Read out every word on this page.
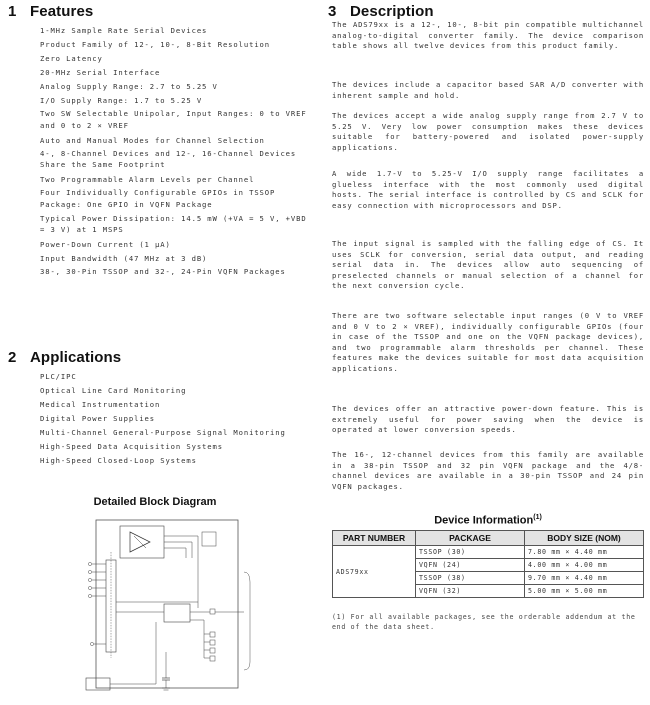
1 Features
1-MHz Sample Rate Serial Devices
Product Family of 12-, 10-, 8-Bit Resolution
Zero Latency
20-MHz Serial Interface
Analog Supply Range: 2.7 to 5.25 V
I/O Supply Range: 1.7 to 5.25 V
Two SW Selectable Unipolar, Input Ranges: 0 to VREF and 0 to 2 × VREF
Auto and Manual Modes for Channel Selection
4-, 8-Channel Devices and 12-, 16-Channel Devices Share the Same Footprint
Two Programmable Alarm Levels per Channel
Four Individually Configurable GPIOs in TSSOP Package: One GPIO in VQFN Package
Typical Power Dissipation: 14.5 mW (+VA = 5 V, +VBD = 3 V) at 1 MSPS
Power-Down Current (1 µA)
Input Bandwidth (47 MHz at 3 dB)
38-, 30-Pin TSSOP and 32-, 24-Pin VQFN Packages
2 Applications
PLC/IPC
Optical Line Card Monitoring
Medical Instrumentation
Digital Power Supplies
Multi-Channel General-Purpose Signal Monitoring
High-Speed Data Acquisition Systems
High-Speed Closed-Loop Systems
Detailed Block Diagram
3 Description

The ADS79xx is a 12-, 10-, 8-bit pin compatible multichannel analog-to-digital converter family. The device comparison table shows all twelve devices from this product family.

The devices include a capacitor based SAR A/D converter with inherent sample and hold.

The devices accept a wide analog supply range from 2.7 V to 5.25 V. Very low power consumption makes these devices suitable for battery-powered and isolated power-supply applications.

A wide 1.7-V to 5.25-V I/O supply range facilitates a glueless interface with the most commonly used digital hosts. The serial interface is controlled by CS and SCLK for easy connection with microprocessors and DSP.

The input signal is sampled with the falling edge of CS. It uses SCLK for conversion, serial data output, and reading serial data in. The devices allow auto sequencing of preselected channels or manual selection of a channel for the next conversion cycle.

There are two software selectable input ranges (0 V to VREF and 0 V to 2 × VREF), individually configurable GPIOs (four in case of the TSSOP and one on the VQFN package devices), and two programmable alarm thresholds per channel. These features make the devices suitable for most data acquisition applications.

The devices offer an attractive power-down feature. This is extremely useful for power saving when the device is operated at lower conversion speeds.

The 16-, 12-channel devices from this family are available in a 38-pin TSSOP and 32 pin VQFN package and the 4/8-channel devices are available in a 30-pin TSSOP and 24 pin VQFN packages.

Device Information$^{(1)}$
PART NUMBER	PACKAGE	BODY SIZE (NOM)
ADS79xx	TSSOP (30)	7.80 mm × 4.40 mm
	VQFN (24)	4.00 mm × 4.00 mm
	TSSOP (38)	9.70 mm × 4.40 mm
	VQFN (32)	5.00 mm × 5.00 mm

(1) For all available packages, see the orderable addendum at the end of the data sheet.
